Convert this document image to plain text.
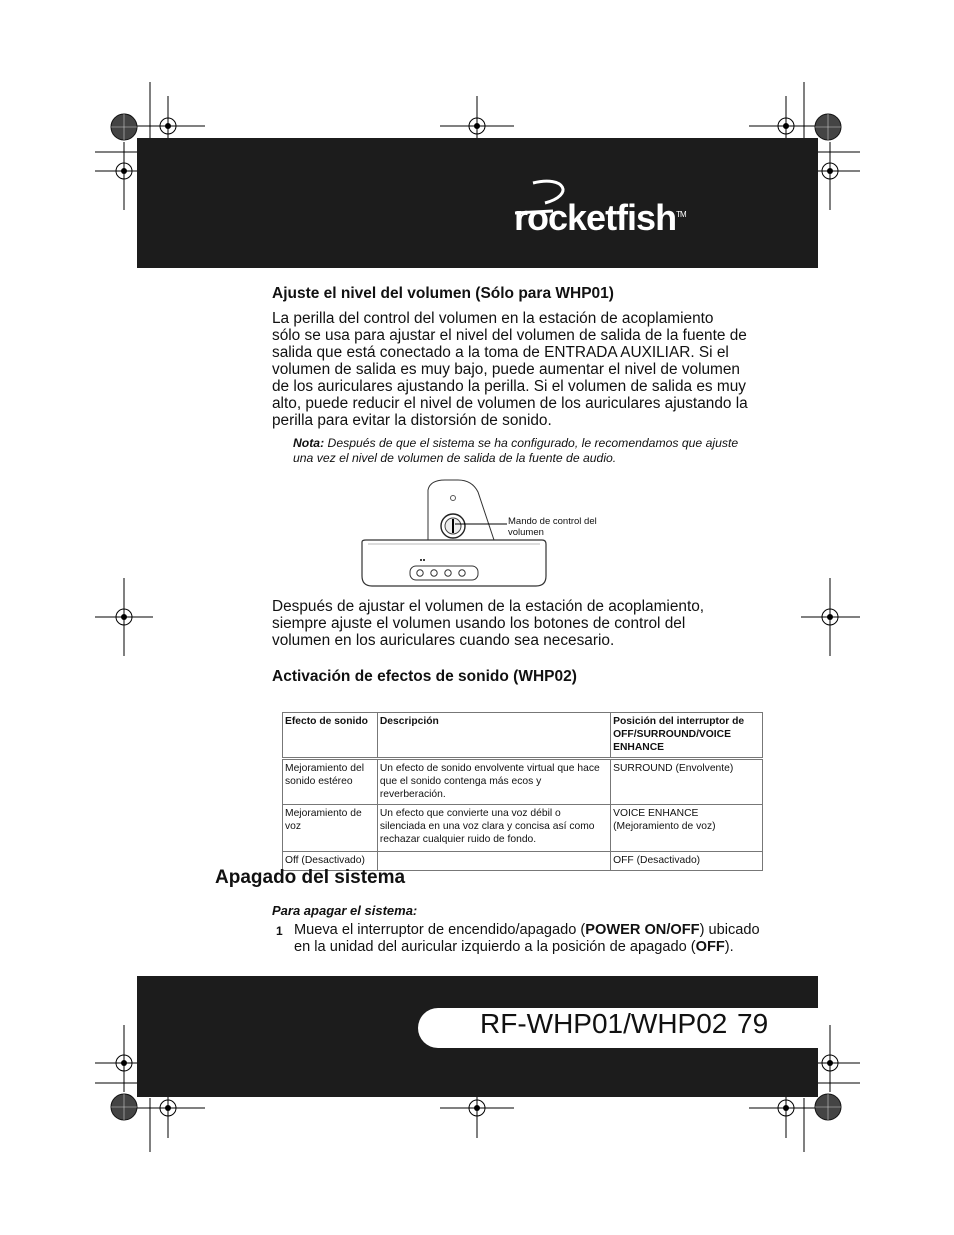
rocketfish™
Ajuste el nivel del volumen (Sólo para WHP01)
La perilla del control del volumen en la estación de acoplamiento
sólo se usa para ajustar el nivel del volumen de salida de la fuente de
salida que está conectado a la toma de ENTRADA AUXILIAR. Si el
volumen de salida es muy bajo, puede aumentar el nivel de volumen
de los auriculares ajustando la perilla. Si el volumen de salida es muy
alto, puede reducir el nivel de volumen de los auriculares ajustando la
perilla para evitar la distorsión de sonido.
Nota: Después de que el sistema se ha configurado, le recomendamos que ajuste
una vez el nivel de volumen de salida de la fuente de audio.
Mando de control del
volumen
Después de ajustar el volumen de la estación de acoplamiento,
siempre ajuste el volumen usando los botones de control del
volumen en los auriculares cuando sea necesario.
Activación de efectos de sonido (WHP02)
Efecto de sonido	Descripción	Posición del interruptor de OFF/SURROUND/VOICE ENHANCE
Mejoramiento del sonido estéreo	Un efecto de sonido envolvente virtual que hace que el sonido contenga más ecos y reverberación.	SURROUND (Envolvente)
Mejoramiento de voz	Un efecto que convierte una voz débil o silenciada en una voz clara y concisa así como rechazar cualquier ruido de fondo.	VOICE ENHANCE (Mejoramiento de voz)
Off (Desactivado)		OFF (Desactivado)
Apagado del sistema
Para apagar el sistema:
1 Mueva el interruptor de encendido/apagado (POWER ON/OFF) ubicado
en la unidad del auricular izquierdo a la posición de apagado (OFF).
RF-WHP01/WHP02 79
